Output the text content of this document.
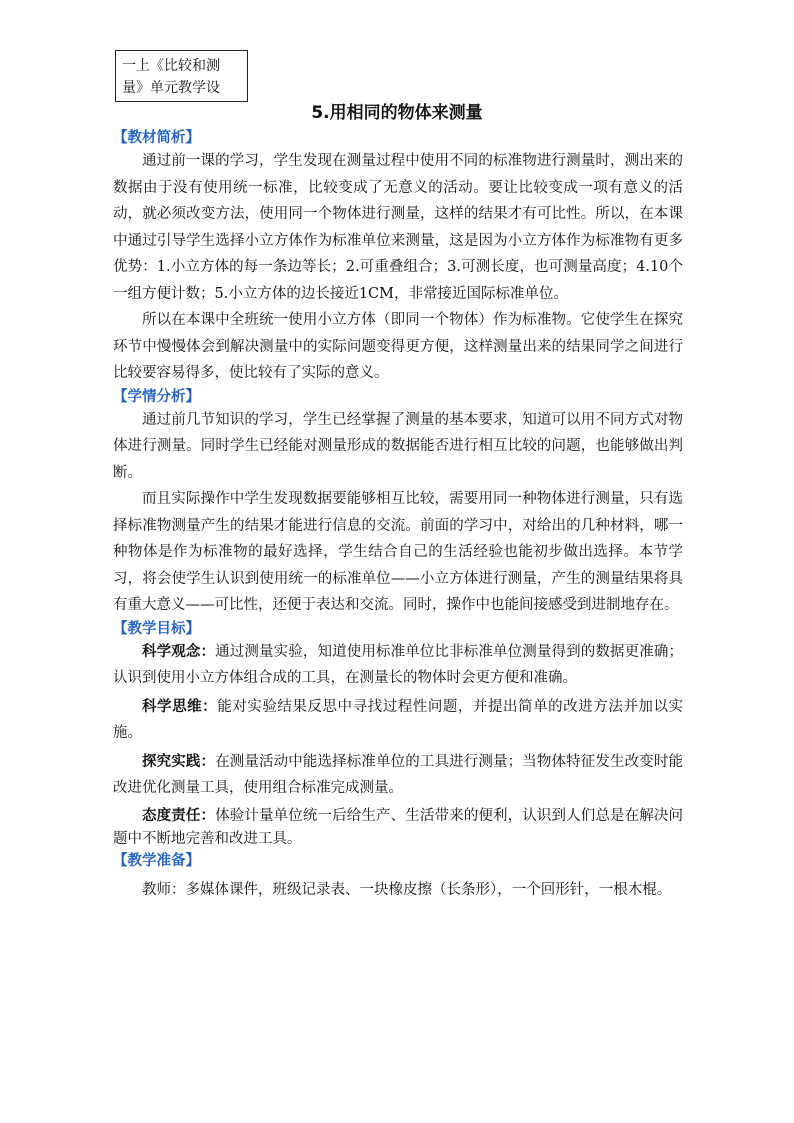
一上《比较和测
量》单元教学设
5.用相同的物体来测量

【教材简析】

通过前一课的学习，学生发现在测量过程中使用不同的标准物进行测量时，测出来的数据由于没有使用统一标准，比较变成了无意义的活动。要让比较变成一项有意义的活动，就必须改变方法，使用同一个物体进行测量，这样的结果才有可比性。所以，在本课中通过引导学生选择小立方体作为标准单位来测量，这是因为小立方体作为标准物有更多优势：1.小立方体的每一条边等长；2.可重叠组合；3.可测长度，也可测量高度；4.10个一组方便计数；5.小立方体的边长接近1CM，非常接近国际标准单位。

所以在本课中全班统一使用小立方体（即同一个物体）作为标准物。它使学生在探究环节中慢慢体会到解决测量中的实际问题变得更方便，这样测量出来的结果同学之间进行比较要容易得多，使比较有了实际的意义。

【学情分析】

通过前几节知识的学习，学生已经掌握了测量的基本要求，知道可以用不同方式对物体进行测量。同时学生已经能对测量形成的数据能否进行相互比较的问题，也能够做出判断。

而且实际操作中学生发现数据要能够相互比较，需要用同一种物体进行测量，只有选择标准物测量产生的结果才能进行信息的交流。前面的学习中，对给出的几种材料，哪一种物体是作为标准物的最好选择，学生结合自己的生活经验也能初步做出选择。本节学习，将会使学生认识到使用统一的标准单位——小立方体进行测量，产生的测量结果将具有重大意义——可比性，还便于表达和交流。同时，操作中也能间接感受到进制地存在。

【教学目标】

科学观念：通过测量实验，知道使用标准单位比非标准单位测量得到的数据更准确；认识到使用小立方体组合成的工具，在测量长的物体时会更方便和准确。

科学思维：能对实验结果反思中寻找过程性问题，并提出简单的改进方法并加以实施。

探究实践：在测量活动中能选择标准单位的工具进行测量；当物体特征发生改变时能改进优化测量工具，使用组合标准完成测量。

态度责任：体验计量单位统一后给生产、生活带来的便利，认识到人们总是在解决问题中不断地完善和改进工具。

【教学准备】

教师：多媒体课件，班级记录表、一块橡皮擦（长条形），一个回形针，一根木棍。
